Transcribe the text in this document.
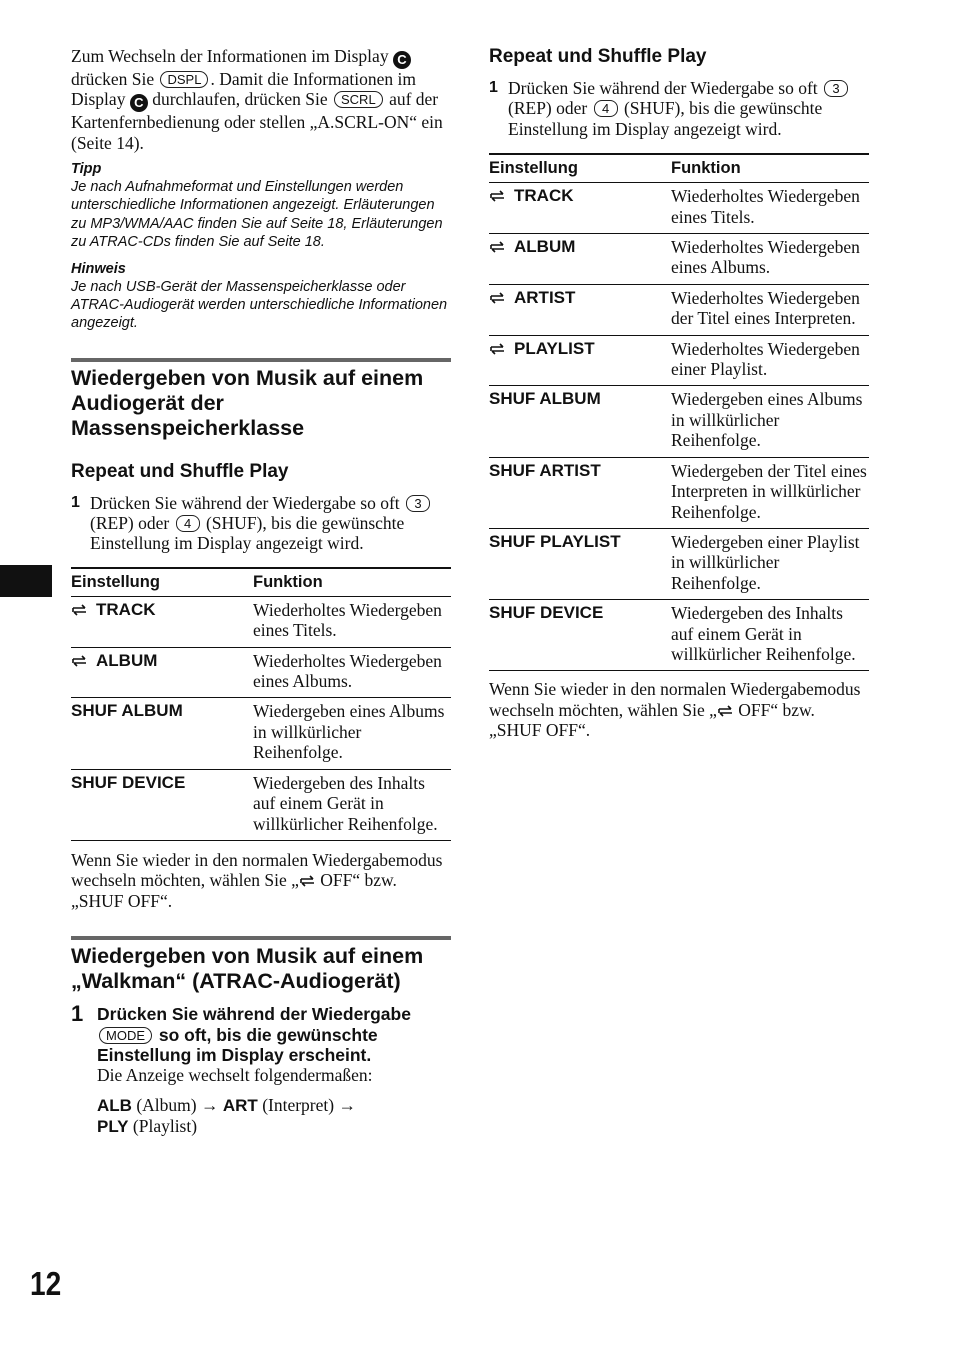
Zum Wechseln der Informationen im Display C drücken Sie DSPL . Damit die Informationen im Display C durchlaufen, drücken Sie SCRL auf der Kartenfernbedienung oder stellen „A.SCRL-ON“ ein (Seite 14).
Tipp
Je nach Aufnahmeformat und Einstellungen werden unterschiedliche Informationen angezeigt. Erläuterungen zu MP3/WMA/AAC finden Sie auf Seite 18, Erläuterungen zu ATRAC-CDs finden Sie auf Seite 18.
Hinweis
Je nach USB-Gerät der Massenspeicherklasse oder ATRAC-Audiogerät werden unterschiedliche Informationen angezeigt.
Wiedergeben von Musik auf einem Audiogerät der Massenspeicherklasse
Repeat und Shuffle Play
1 Drücken Sie während der Wiedergabe so oft 3 (REP) oder 4 (SHUF), bis die gewünschte Einstellung im Display angezeigt wird.
Einstellung	Funktion
TRACK	Wiederholtes Wiedergeben eines Titels.
ALBUM	Wiederholtes Wiedergeben eines Albums.
SHUF ALBUM	Wiedergeben eines Albums in willkürlicher Reihenfolge.
SHUF DEVICE	Wiedergeben des Inhalts auf einem Gerät in willkürlicher Reihenfolge.
Wenn Sie wieder in den normalen Wiedergabemodus wechseln möchten, wählen Sie „ OFF“ bzw. „SHUF OFF“.
Wiedergeben von Musik auf einem „Walkman“ (ATRAC-Audiogerät)
1 Drücken Sie während der Wiedergabe MODE so oft, bis die gewünschte Einstellung im Display erscheint.
Die Anzeige wechselt folgendermaßen:
ALB (Album) → ART (Interpret) →
PLY (Playlist)
Repeat und Shuffle Play
1 Drücken Sie während der Wiedergabe so oft 3 (REP) oder 4 (SHUF), bis die gewünschte Einstellung im Display angezeigt wird.
Einstellung	Funktion
TRACK	Wiederholtes Wiedergeben eines Titels.
ALBUM	Wiederholtes Wiedergeben eines Albums.
ARTIST	Wiederholtes Wiedergeben der Titel eines Interpreten.
PLAYLIST	Wiederholtes Wiedergeben einer Playlist.
SHUF ALBUM	Wiedergeben eines Albums in willkürlicher Reihenfolge.
SHUF ARTIST	Wiedergeben der Titel eines Interpreten in willkürlicher Reihenfolge.
SHUF PLAYLIST	Wiedergeben einer Playlist in willkürlicher Reihenfolge.
SHUF DEVICE	Wiedergeben des Inhalts auf einem Gerät in willkürlicher Reihenfolge.
Wenn Sie wieder in den normalen Wiedergabemodus wechseln möchten, wählen Sie „ OFF“ bzw. „SHUF OFF“.
12
